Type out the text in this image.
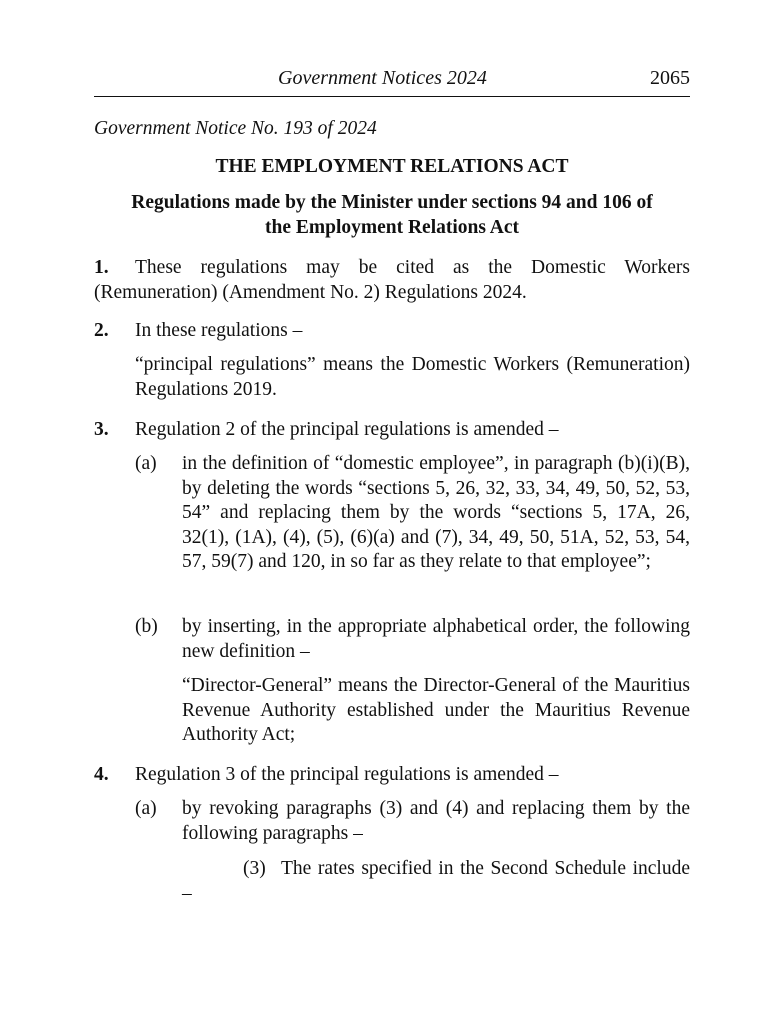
Government Notices 2024	2065
Government Notice No. 193 of 2024
THE EMPLOYMENT RELATIONS ACT
Regulations made by the Minister under sections 94 and 106 of
the Employment Relations Act
1.	These regulations may be cited as the Domestic Workers (Remuneration) (Amendment No. 2) Regulations 2024.
2. In these regulations –
“principal regulations” means the Domestic Workers (Remuneration) Regulations 2019.
3. Regulation 2 of the principal regulations is amended –
(a) in the definition of “domestic employee”, in paragraph (b)(i)(B), by deleting the words “sections 5, 26, 32, 33, 34, 49, 50, 52, 53, 54” and replacing them by the words “sections 5, 17A, 26, 32(1), (1A), (4), (5), (6)(a) and (7), 34, 49, 50, 51A, 52, 53, 54, 57, 59(7) and 120, in so far as they relate to that employee”;
(b) by inserting, in the appropriate alphabetical order, the following new definition –
“Director-General” means the Director-General of the Mauritius Revenue Authority established under the Mauritius Revenue Authority Act;
4. Regulation 3 of the principal regulations is amended –
(a) by revoking paragraphs (3) and (4) and replacing them by the following paragraphs –
(3) The rates specified in the Second Schedule include –
